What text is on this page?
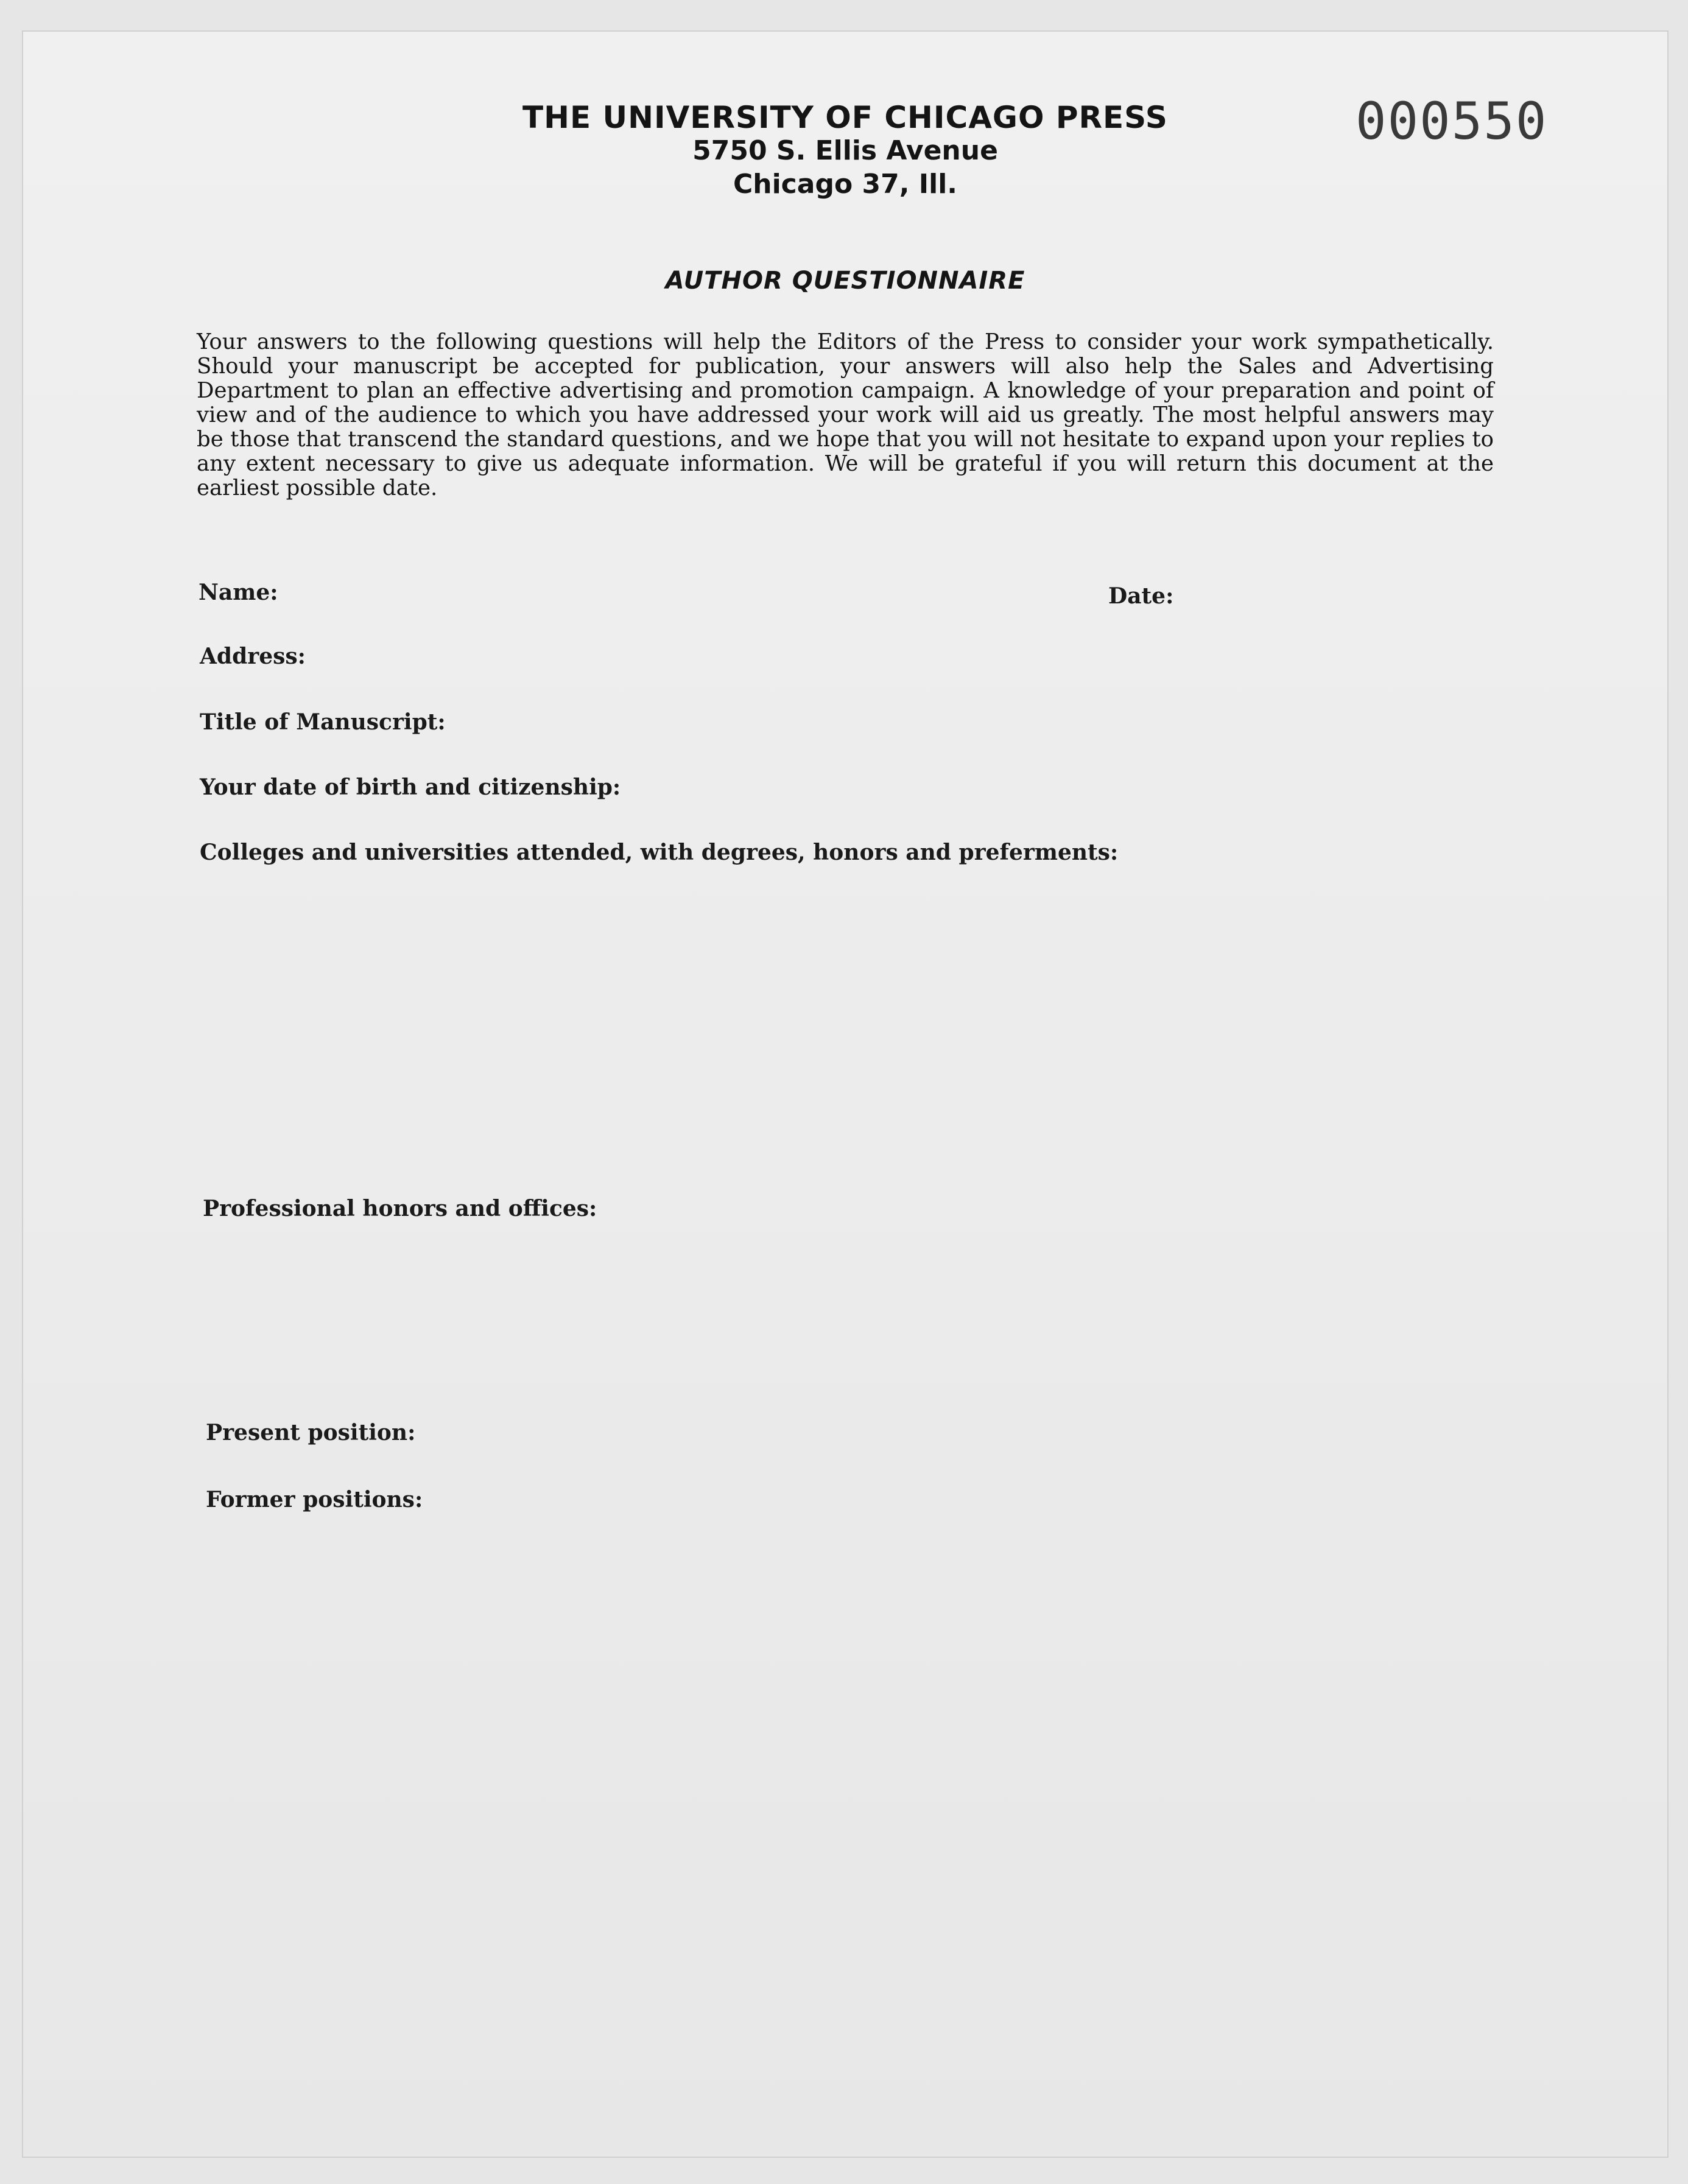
THE UNIVERSITY OF CHICAGO PRESS
5750 S. Ellis Avenue
Chicago 37, Ill.
000550
AUTHOR QUESTIONNAIRE
Your answers to the following questions will help the Editors of the Press to consider your work sympathetically. Should your manuscript be accepted for publication, your answers will also help the Sales and Advertising Department to plan an effective advertising and promotion campaign. A knowledge of your preparation and point of view and of the audience to which you have addressed your work will aid us greatly. The most helpful answers may be those that transcend the standard questions, and we hope that you will not hesitate to expand upon your replies to any extent necessary to give us adequate information. We will be grateful if you will return this document at the earliest possible date.
Name:	Date:
Address:
Title of Manuscript:
Your date of birth and citizenship:
Colleges and universities attended, with degrees, honors and preferments:
Professional honors and offices:
Present position:
Former positions:
